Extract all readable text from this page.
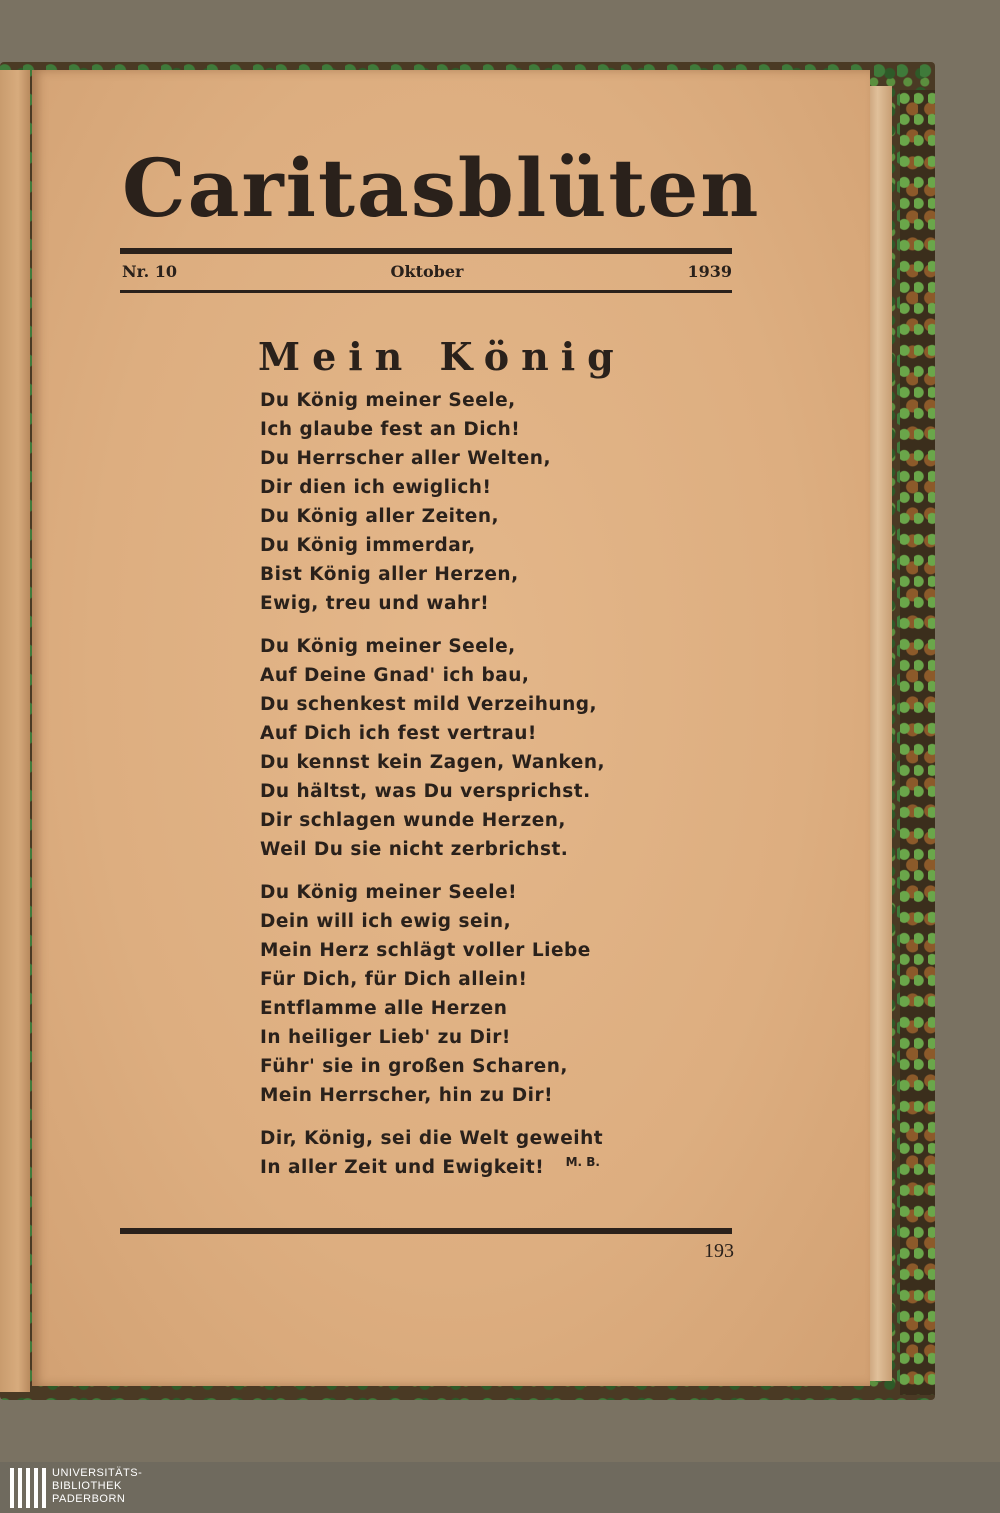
Caritasblüten
Nr. 10	Oktober	1939
Mein König
Du König meiner Seele,
Ich glaube fest an Dich!
Du Herrscher aller Welten,
Dir dien ich ewiglich!
Du König aller Zeiten,
Du König immerdar,
Bist König aller Herzen,
Ewig, treu und wahr!
Du König meiner Seele,
Auf Deine Gnad' ich bau,
Du schenkest mild Verzeihung,
Auf Dich ich fest vertrau!
Du kennst kein Zagen, Wanken,
Du hältst, was Du versprichst.
Dir schlagen wunde Herzen,
Weil Du sie nicht zerbrichst.
Du König meiner Seele!
Dein will ich ewig sein,
Mein Herz schlägt voller Liebe
Für Dich, für Dich allein!
Entflamme alle Herzen
In heiliger Lieb' zu Dir!
Führ' sie in großen Scharen,
Mein Herrscher, hin zu Dir!
Dir, König, sei die Welt geweiht
In aller Zeit und Ewigkeit!	M. B.
193
UNIVERSITÄTS-
BIBLIOTHEK
PADERBORN
